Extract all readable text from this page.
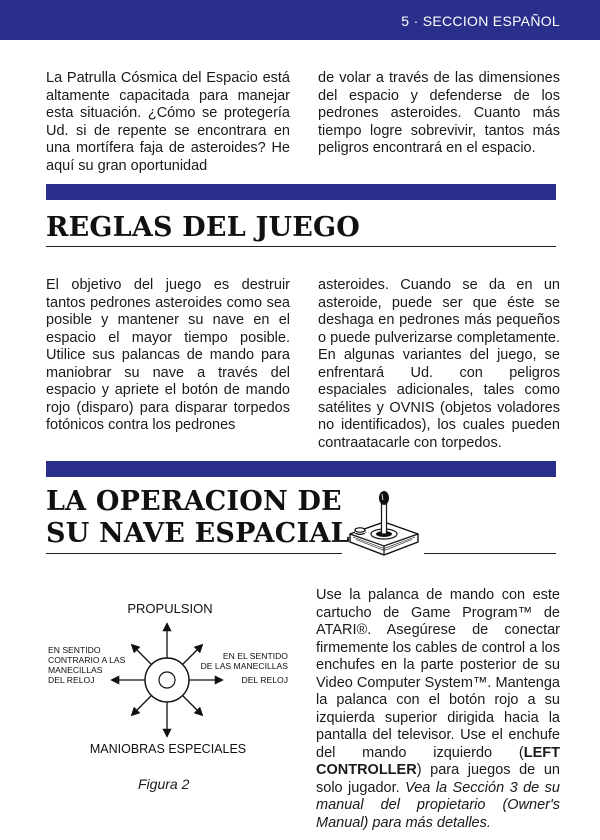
5 · SECCION ESPAÑOL

La Patrulla Cósmica del Espacio está altamente capacitada para manejar esta situación. ¿Cómo se protegería Ud. si de repente se encontrara en una mortífera faja de asteroides? He aquí su gran oportunidad

de volar a través de las dimensiones del espacio y defenderse de los pedrones asteroides. Cuanto más tiempo logre sobrevivir, tantos más peligros encontrará en el espacio.

REGLAS DEL JUEGO

El objetivo del juego es destruir tantos pedrones asteroides como sea posible y mantener su nave en el espacio el mayor tiempo posible. Utilice sus palancas de mando para maniobrar su nave a través del espacio y apriete el botón de mando rojo (disparo) para disparar torpedos fotónicos contra los pedrones

asteroides. Cuando se da en un asteroide, puede ser que éste se deshaga en pedrones más pequeños o puede pulverizarse completamente. En algunas variantes del juego, se enfrentará Ud. con peligros espaciales adicionales, tales como satélites y OVNIS (objetos voladores no identificados), los cuales pueden contraatacarle con torpedos.

LA OPERACION DE
SU NAVE ESPACIAL
PROPULSION
EN SENTIDO
CONTRARIO A LAS
MANECILLAS
DEL RELOJ
EN EL SENTIDO
DE LAS MANECILLAS
DEL RELOJ
MANIOBRAS ESPECIALES
Figura 2

Use la palanca de mando con este cartucho de Game Program™ de ATARI®. Asegúrese de conectar firmemente los cables de control a los enchufes en la parte posterior de su Video Computer System™. Mantenga la palanca con el botón rojo a su izquierda superior dirigida hacia la pantalla del televisor. Use el enchufe del mando izquierdo (LEFT CONTROLLER) para juegos de un solo jugador. Vea la Sección 3 de su manual del propietario (Owner's Manual) para más detalles.
